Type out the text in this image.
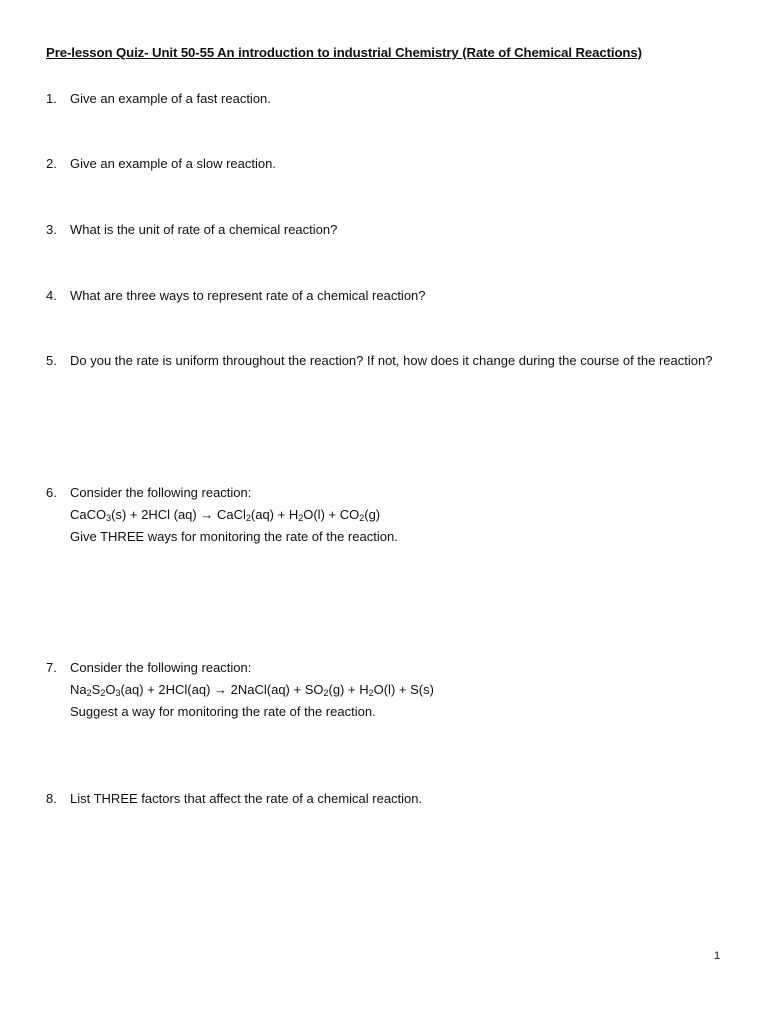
Pre-lesson Quiz- Unit 50-55 An introduction to industrial Chemistry (Rate of Chemical Reactions)
1.	Give an example of a fast reaction.
2.	Give an example of a slow reaction.
3.	What is the unit of rate of a chemical reaction?
4.	What are three ways to represent rate of a chemical reaction?
5.	Do you the rate is uniform throughout the reaction? If not, how does it change during the course of the reaction?
6.	Consider the following reaction:
CaCO$_3$(s) + 2HCl (aq) → CaCl$_2$(aq) + $H_2O(l) + CO_2(g)$
Give THREE ways for monitoring the rate of the reaction.
7.	Consider the following reaction:
$Na_2S_2O_3(aq) + 2HCl(aq)$ → 2NaCl(aq) + $SO_2(g) + H_2O(l) + S(s)$
Suggest a way for monitoring the rate of the reaction.
8.	List THREE factors that affect the rate of a chemical reaction.
1
